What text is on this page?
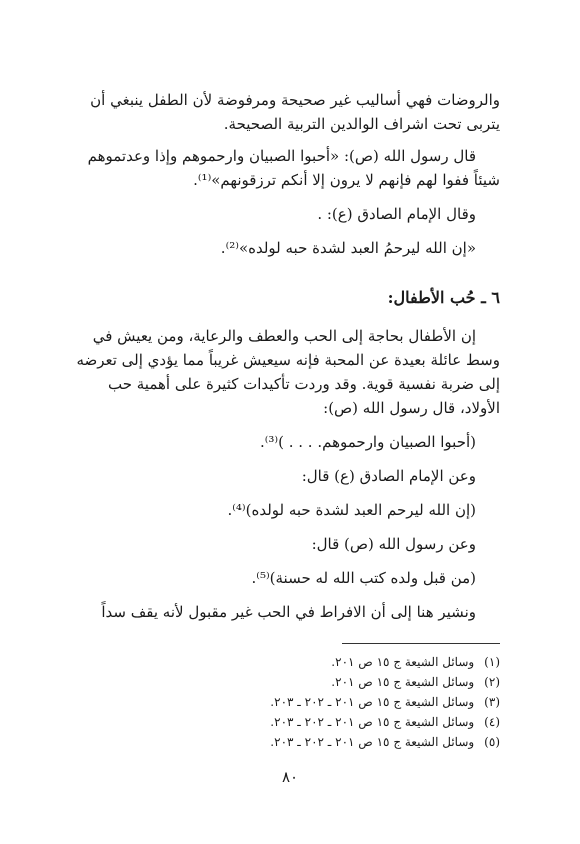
والروضات فهي أساليب غير صحيحة ومرفوضة لأن الطفل ينبغي أن
يتربى تحت اشراف الوالدين التربية الصحيحة.
قال رسول الله (ص): «أحبوا الصبيان وارحموهم وإذا وعدتموهم
شيئاً ففوا لهم فإنهم لا يرون إلا أنكم ترزقونهم»⁽¹⁾.
وقال الإمام الصادق (ع): .
«إن الله ليرحمُ العبد لشدة حبه لولده»⁽²⁾.
٦ ـ حُب الأطفال:
إن الأطفال بحاجة إلى الحب والعطف والرعاية، ومن يعيش في
وسط عائلة بعيدة عن المحبة فإنه سيعيش غريباً مما يؤدي إلى تعرضه
إلى ضربة نفسية قوية. وقد وردت تأكيدات كثيرة على أهمية حب
الأولاد، قال رسول الله (ص):
(أحبوا الصبيان وارحموهم. . . . )⁽³⁾.
وعن الإمام الصادق (ع) قال:
(إن الله ليرحم العبد لشدة حبه لولده)⁽⁴⁾.
وعن رسول الله (ص) قال:
(من قبل ولده كتب الله له حسنة)⁽⁵⁾.
ونشير هنا إلى أن الافراط في الحب غير مقبول لأنه يقف سداً
(١) وسائل الشيعة ج ١٥ ص ٢٠١.
(٢) وسائل الشيعة ج ١٥ ص ٢٠١.
(٣) وسائل الشيعة ج ١٥ ص ٢٠١ ـ ٢٠٢ ـ ٢٠٣.
(٤) وسائل الشيعة ج ١٥ ص ٢٠١ ـ ٢٠٢ ـ ٢٠٣.
(٥) وسائل الشيعة ج ١٥ ص ٢٠١ ـ ٢٠٢ ـ ٢٠٣.
٨٠
